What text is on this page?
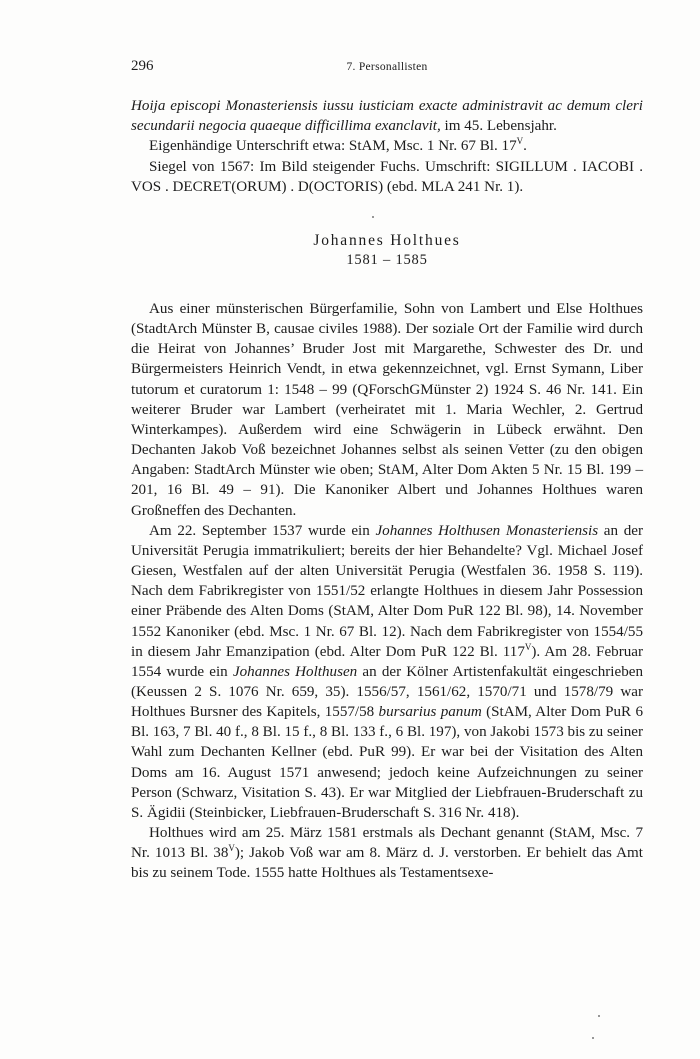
296	7. Personallisten

Hoija episcopi Monasteriensis iussu iusticiam exacte administravit ac demum cleri secundarii negocia quaeque difficillima exanclavit, im 45. Lebensjahr.

Eigenhändige Unterschrift etwa: StAM, Msc. 1 Nr. 67 Bl. $17^V$.

Siegel von 1567: Im Bild steigender Fuchs. Umschrift: SIGILLUM . IACOBI . VOS . DECRET(ORUM) . D(OCTORIS) (ebd. MLA 241 Nr. 1).

Johannes Holthues
1581 – 1585

Aus einer münsterischen Bürgerfamilie, Sohn von Lambert und Else Holthues (StadtArch Münster B, causae civiles 1988). Der soziale Ort der Familie wird durch die Heirat von Johannes’ Bruder Jost mit Margarethe, Schwester des Dr. und Bürgermeisters Heinrich Vendt, in etwa gekennzeichnet, vgl. Ernst Symann, Liber tutorum et curatorum 1: 1548 – 99 (QForschGMünster 2) 1924 S. 46 Nr. 141. Ein weiterer Bruder war Lambert (verheiratet mit 1. Maria Wechler, 2. Gertrud Winterkampes). Außerdem wird eine Schwägerin in Lübeck erwähnt. Den Dechanten Jakob Voß bezeichnet Johannes selbst als seinen Vetter (zu den obigen Angaben: StadtArch Münster wie oben; StAM, Alter Dom Akten 5 Nr. 15 Bl. 199 – 201, 16 Bl. 49 – 91). Die Kanoniker Albert und Johannes Holthues waren Großneffen des Dechanten.

Am 22. September 1537 wurde ein Johannes Holthusen Monasteriensis an der Universität Perugia immatrikuliert; bereits der hier Behandelte? Vgl. Michael Josef Giesen, Westfalen auf der alten Universität Perugia (Westfalen 36. 1958 S. 119). Nach dem Fabrikregister von 1551/52 erlangte Holthues in diesem Jahr Possession einer Präbende des Alten Doms (StAM, Alter Dom PuR 122 Bl. 98), 14. November 1552 Kanoniker (ebd. Msc. 1 Nr. 67 Bl. 12). Nach dem Fabrikregister von 1554/55 in diesem Jahr Emanzipation (ebd. Alter Dom PuR 122 Bl. $117^V$). Am 28. Februar 1554 wurde ein Johannes Holthusen an der Kölner Artistenfakultät eingeschrieben (Keussen 2 S. 1076 Nr. 659, 35). 1556/57, 1561/62, 1570/71 und 1578/79 war Holthues Bursner des Kapitels, 1557/58 bursarius panum (StAM, Alter Dom PuR 6 Bl. 163, 7 Bl. 40 f., 8 Bl. 15 f., 8 Bl. 133 f., 6 Bl. 197), von Jakobi 1573 bis zu seiner Wahl zum Dechanten Kellner (ebd. PuR 99). Er war bei der Visitation des Alten Doms am 16. August 1571 anwesend; jedoch keine Aufzeichnungen zu seiner Person (Schwarz, Visitation S. 43). Er war Mitglied der Liebfrauen-Bruderschaft zu S. Ägidii (Steinbicker, Liebfrauen-Bruderschaft S. 316 Nr. 418).

Holthues wird am 25. März 1581 erstmals als Dechant genannt (StAM, Msc. 7 Nr. 1013 Bl. $38^V$); Jakob Voß war am 8. März d. J. verstorben. Er behielt das Amt bis zu seinem Tode. 1555 hatte Holthues als Testamentsexe-
